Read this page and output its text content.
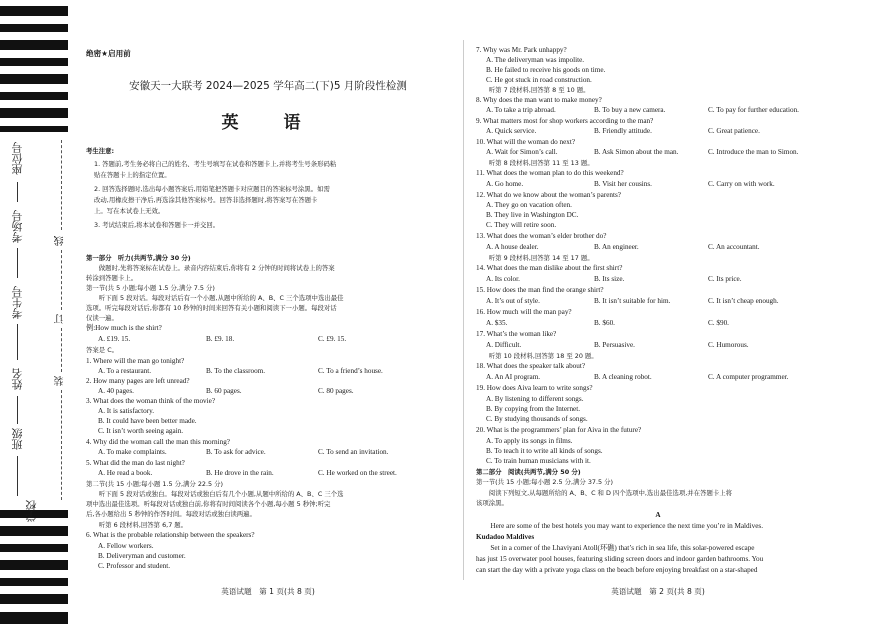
座位号
考场号
考生号
姓名
班级
学校
线
订
装
绝密★启用前
安徽天一大联考 2024—2025 学年高二(下)5 月阶段性检测
英　语
考生注意:
1. 答题前,考生务必将自己的姓名、考生号填写在试卷和答题卡上,并将考生号条形码粘
贴在答题卡上的指定位置。
2. 回答选择题时,选出每小题答案后,用铅笔把答题卡对应题目的答案标号涂黑。如需
改动,用橡皮擦干净后,再选涂其他答案标号。回答非选择题时,将答案写在答题卡
上。写在本试卷上无效。
3. 考试结束后,将本试卷和答题卡一并交回。
第一部分　听力(共两节,满分 30 分)
　　做题时,先将答案标在试卷上。录音内容结束后,你将有 2 分钟的时间将试卷上的答案
转涂到答题卡上。
第一节(共 5 小题;每小题 1.5 分,满分 7.5 分)
　　听下面 5 段对话。每段对话后有一个小题,从题中所给的 A、B、C 三个选项中选出最佳
选项。听完每段对话后,你都有 10 秒钟的时间来回答有关小题和阅读下一小题。每段对话
仅读一遍。
例:How much is the shirt?
A. £19. 15.	B. £9. 18.	C. £9. 15.
答案是 C。
1. Where will the man go tonight?
A. To a restaurant.	B. To the classroom.	C. To a friend’s house.
2. How many pages are left unread?
A. 40 pages.	B. 60 pages.	C. 80 pages.
3. What does the woman think of the movie?
A. It is satisfactory.
B. It could have been better made.
C. It isn’t worth seeing again.
4. Why did the woman call the man this morning?
A. To make complaints.	B. To ask for advice.	C. To send an invitation.
5. What did the man do last night?
A. He read a book.	B. He drove in the rain.	C. He worked on the street.
第二节(共 15 小题;每小题 1.5 分,满分 22.5 分)
　　听下面 5 段对话或独白。每段对话或独白后有几个小题,从题中所给的 A、B、C 三个选
项中选出最佳选项。听每段对话或独白前,你将有时间阅读各个小题,每小题 5 秒钟;听完
后,各小题给出 5 秒钟的作答时间。每段对话或独白读两遍。
　　听第 6 段材料,回答第 6,7 题。
6. What is the probable relationship between the speakers?
A. Fellow workers.
B. Deliveryman and customer.
C. Professor and student.
英语试题　第 1 页(共 8 页)
7. Why was Mr. Park unhappy?
A. The deliveryman was impolite.
B. He failed to receive his goods on time.
C. He got stuck in road construction.
　　听第 7 段材料,回答第 8 至 10 题。
8. Why does the man want to make money?
A. To take a trip abroad.	B. To buy a new camera.	C. To pay for further education.
9. What matters most for shop workers according to the man?
A. Quick service.	B. Friendly attitude.	C. Great patience.
10. What will the woman do next?
A. Wait for Simon’s call.	B. Ask Simon about the man.	C. Introduce the man to Simon.
　　听第 8 段材料,回答第 11 至 13 题。
11. What does the woman plan to do this weekend?
A. Go home.	B. Visit her cousins.	C. Carry on with work.
12. What do we know about the woman’s parents?
A. They go on vacation often.
B. They live in Washington DC.
C. They will retire soon.
13. What does the woman’s elder brother do?
A. A house dealer.	B. An engineer.	C. An accountant.
　　听第 9 段材料,回答第 14 至 17 题。
14. What does the man dislike about the first shirt?
A. Its color.	B. Its size.	C. Its price.
15. How does the man find the orange shirt?
A. It’s out of style.	B. It isn’t suitable for him.	C. It isn’t cheap enough.
16. How much will the man pay?
A. $35.	B. $60.	C. $90.
17. What’s the woman like?
A. Difficult.	B. Persuasive.	C. Humorous.
　　听第 10 段材料,回答第 18 至 20 题。
18. What does the speaker talk about?
A. An AI program.	B. A cleaning robot.	C. A computer programmer.
19. How does Aiva learn to write songs?
A. By listening to different songs.
B. By copying from the Internet.
C. By studying thousands of songs.
20. What is the programmers’ plan for Aiva in the future?
A. To apply its songs in films.
B. To teach it to write all kinds of songs.
C. To train human musicians with it.
第二部分　阅读(共两节,满分 50 分)
第一节(共 15 小题;每小题 2.5 分,满分 37.5 分)
　　阅读下列短文,从每题所给的 A、B、C 和 D 四个选项中,选出最佳选项,并在答题卡上将
该项涂黑。
A
　　Here are some of the best hotels you may want to experience the next time you’re in Maldives.
Kudadoo Maldives
　　Set in a corner of the Lhaviyani Atoll(环礁) that’s rich in sea life, this solar-powered escape
has just 15 overwater pool houses, featuring sliding screen doors and indoor garden bathrooms. You
can start the day with a private yoga class on the beach before enjoying breakfast on a star-shaped
英语试题　第 2 页(共 8 页)
